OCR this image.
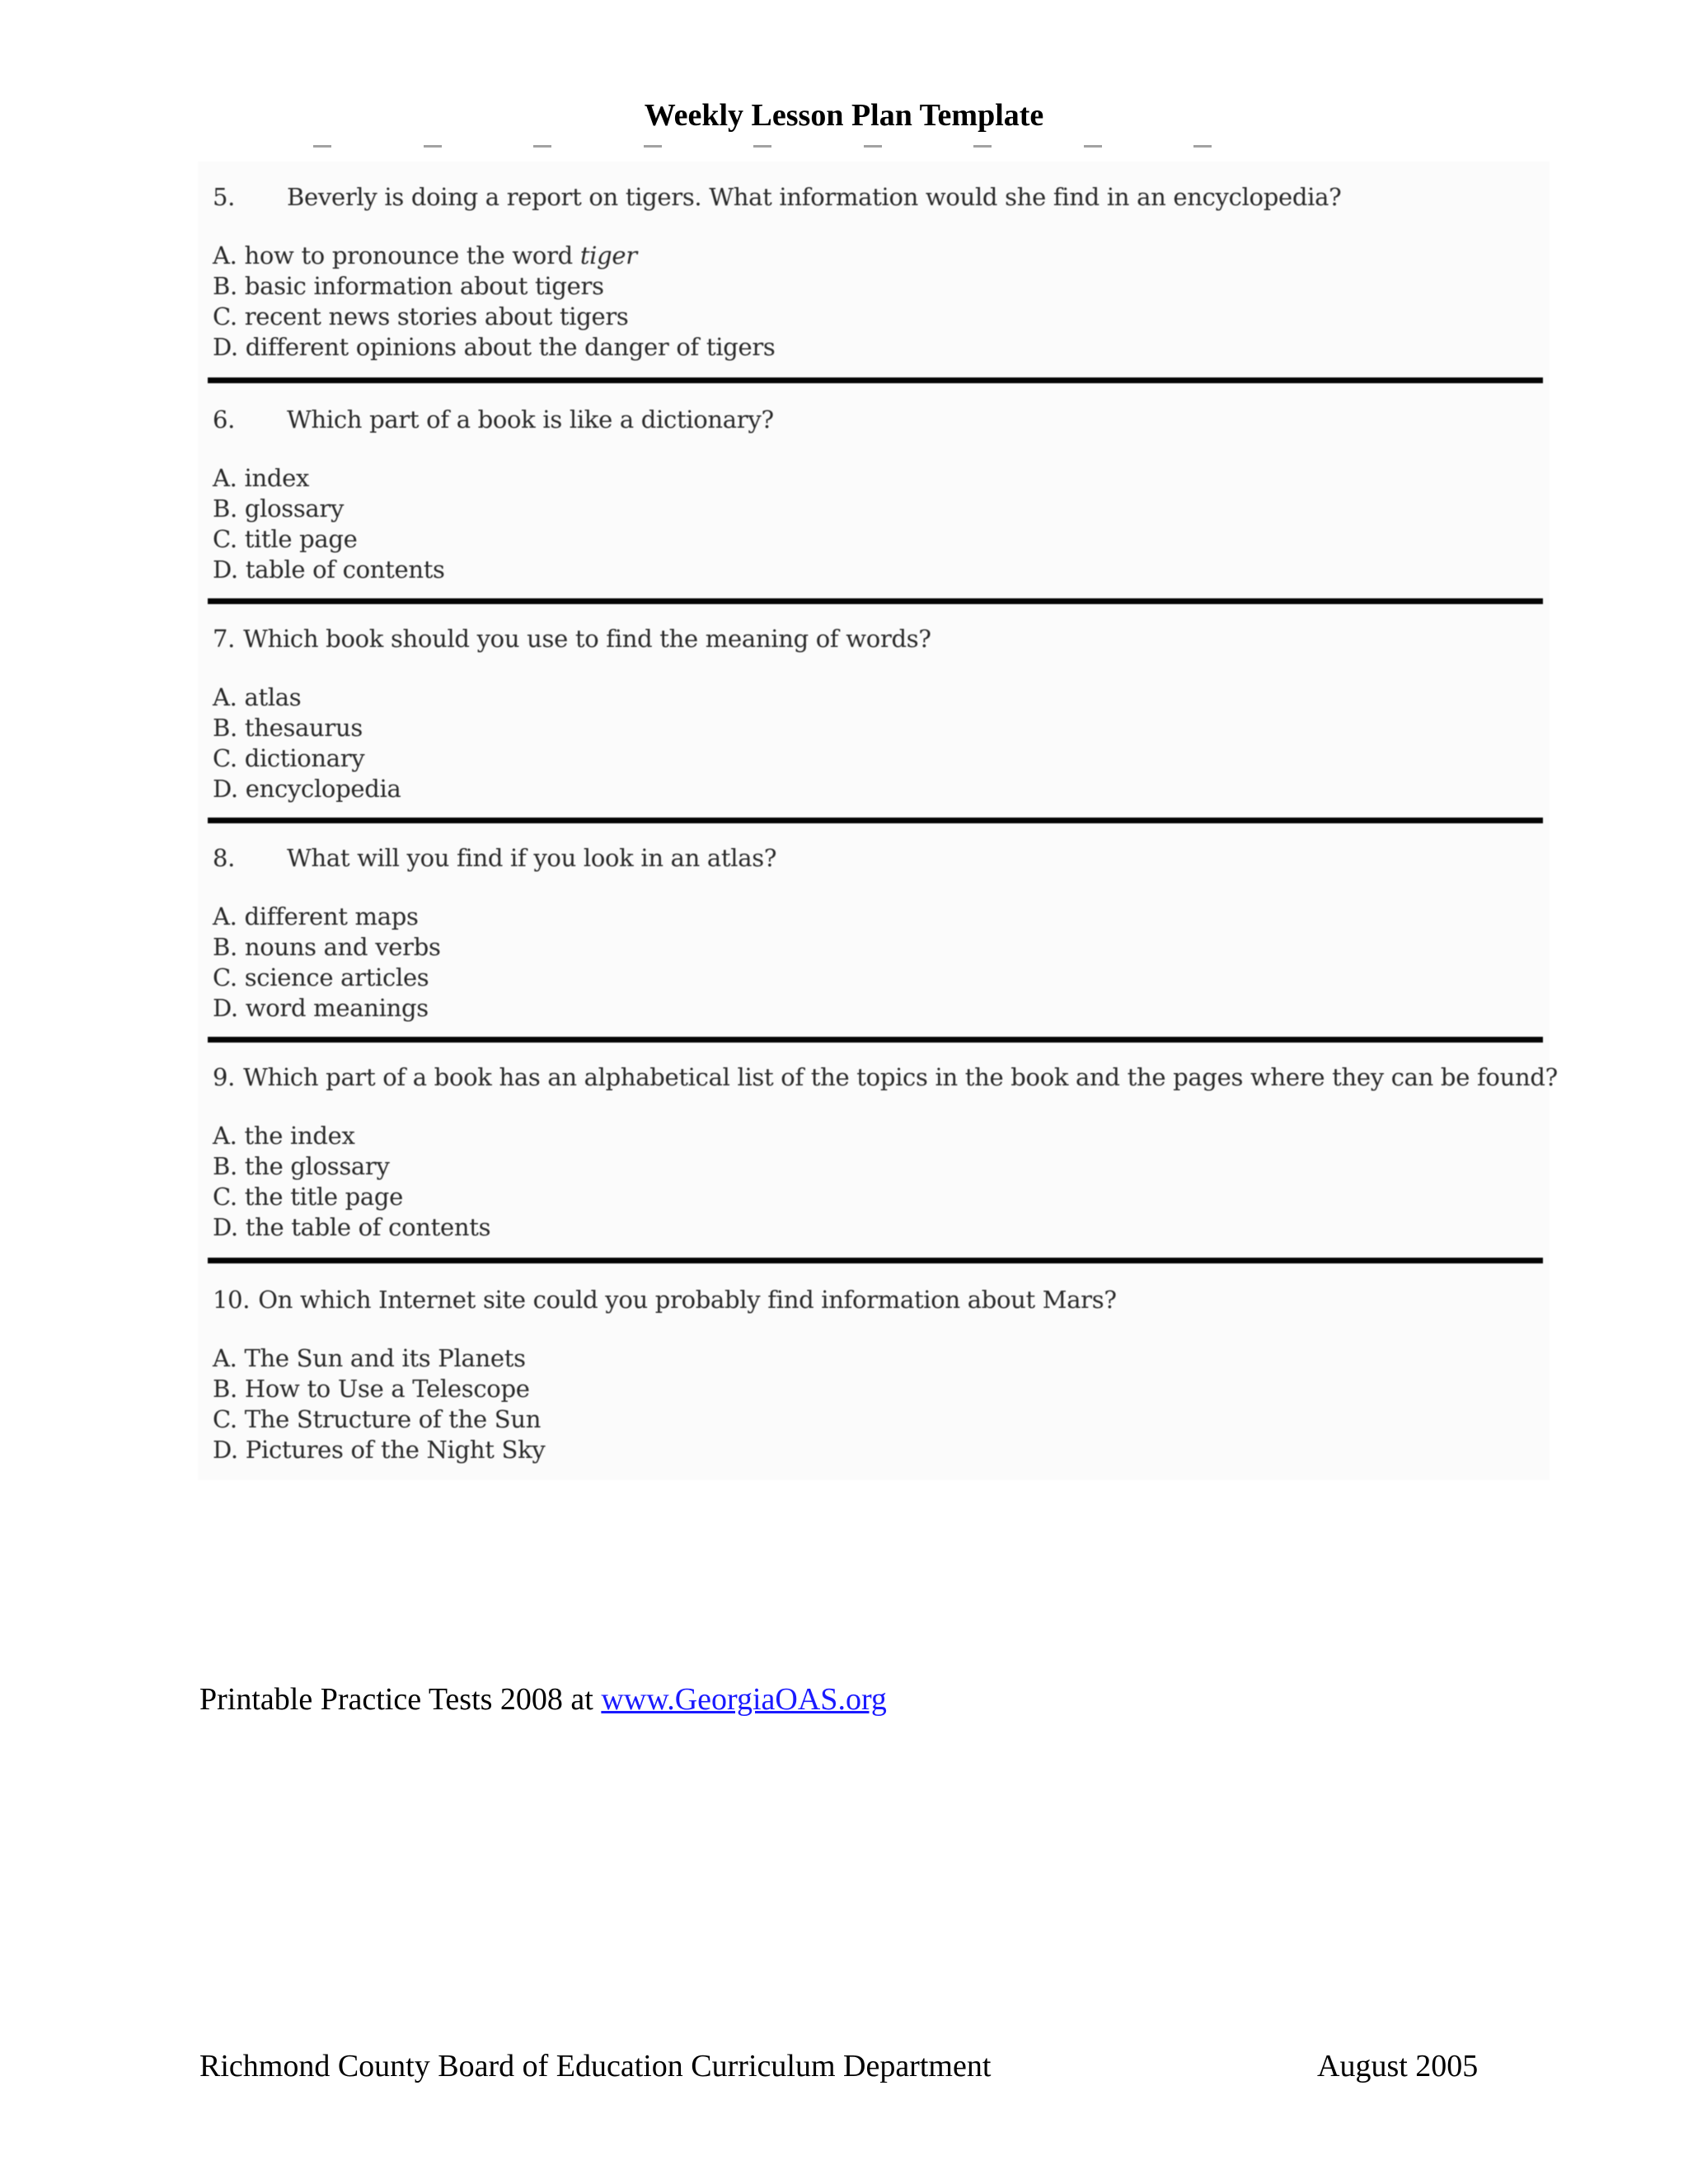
Weekly Lesson Plan Template
5. Beverly is doing a report on tigers. What information would she find in an encyclopedia?
A. how to pronounce the word tiger
B. basic information about tigers
C. recent news stories about tigers
D. different opinions about the danger of tigers
6. Which part of a book is like a dictionary?
A. index
B. glossary
C. title page
D. table of contents
7. Which book should you use to find the meaning of words?
A. atlas
B. thesaurus
C. dictionary
D. encyclopedia
8. What will you find if you look in an atlas?
A. different maps
B. nouns and verbs
C. science articles
D. word meanings
9. Which part of a book has an alphabetical list of the topics in the book and the pages where they can be found?
A. the index
B. the glossary
C. the title page
D. the table of contents
10. On which Internet site could you probably find information about Mars?
A. The Sun and its Planets
B. How to Use a Telescope
C. The Structure of the Sun
D. Pictures of the Night Sky
Printable Practice Tests 2008 at www.GeorgiaOAS.org
Richmond County Board of Education Curriculum Department	August 2005
